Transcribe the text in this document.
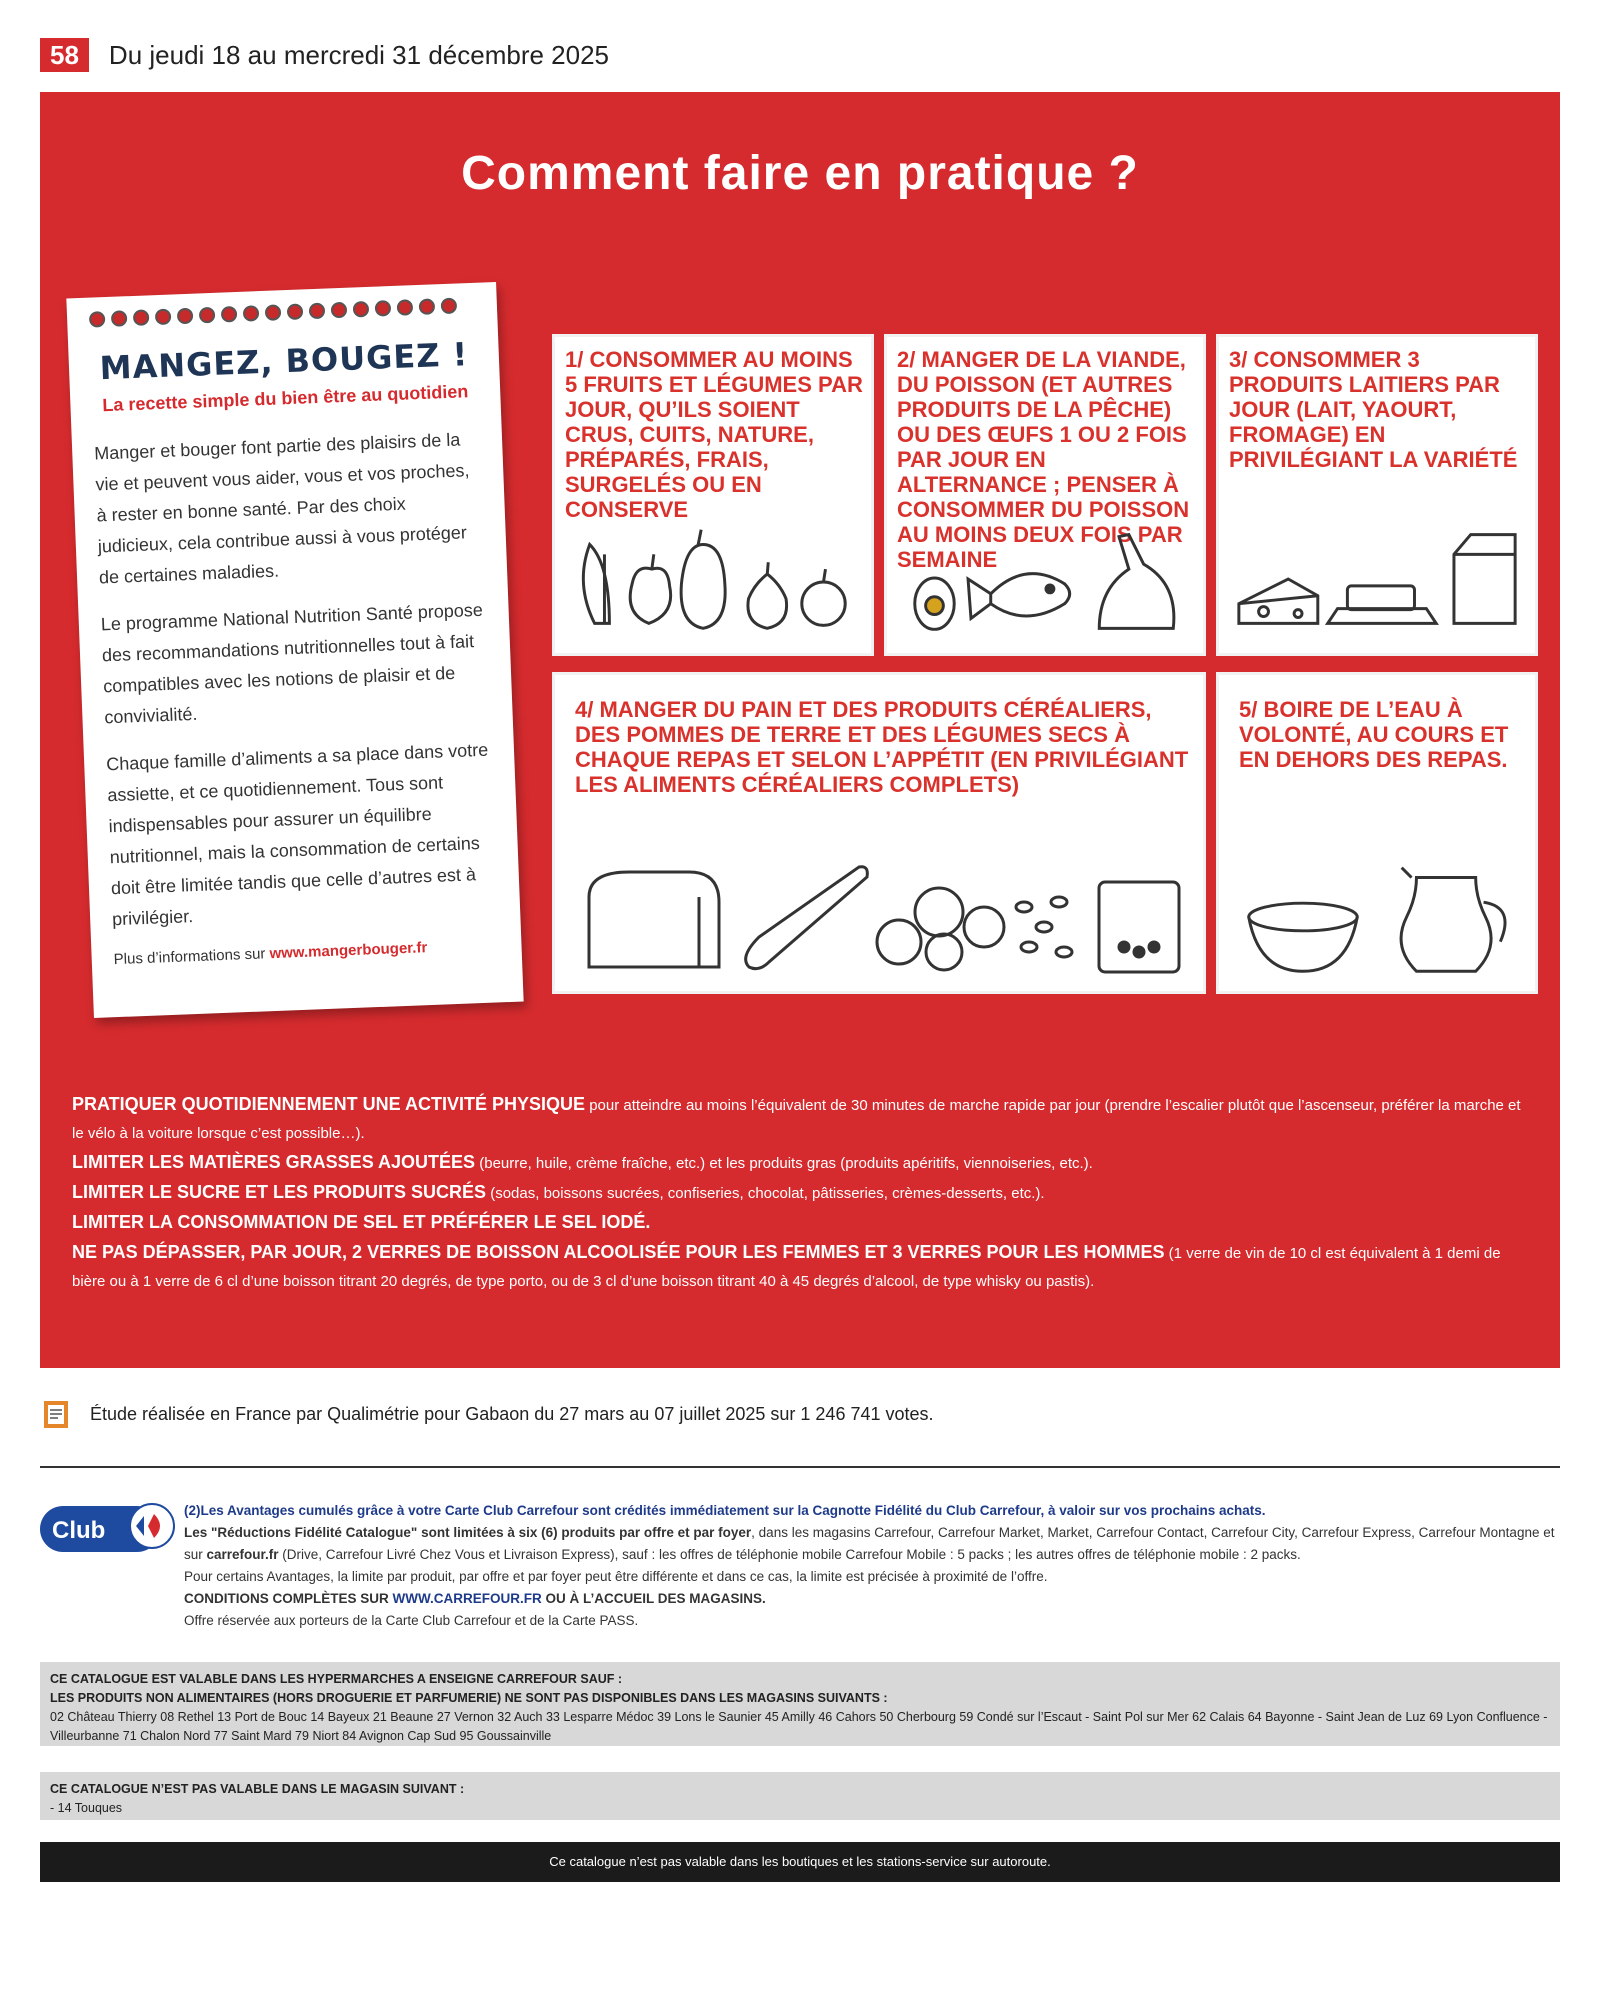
58	Du jeudi 18 au mercredi 31 décembre 2025
Comment faire en pratique ?
MANGEZ, BOUGEZ !
La recette simple du bien être au quotidien

Manger et bouger font partie des plaisirs de la vie et peuvent vous aider, vous et vos proches, à rester en bonne santé. Par des choix judicieux, cela contribue aussi à vous protéger de certaines maladies.

Le programme National Nutrition Santé propose des recommandations nutritionnelles tout à fait compatibles avec les notions de plaisir et de convivialité.

Chaque famille d’aliments a sa place dans votre assiette, et ce quotidiennement. Tous sont indispensables pour assurer un équilibre nutritionnel, mais la consommation de certains doit être limitée tandis que celle d’autres est à privilégier.

Plus d’informations sur www.mangerbouger.fr
1/ CONSOMMER AU MOINS 5 FRUITS ET LÉGUMES PAR JOUR, QU’ILS SOIENT CRUS, CUITS, NATURE, PRÉPARÉS, FRAIS, SURGELÉS OU EN CONSERVE
2/ MANGER DE LA VIANDE, DU POISSON (ET AUTRES PRODUITS DE LA PÊCHE) OU DES ŒUFS 1 OU 2 FOIS PAR JOUR EN ALTERNANCE ; PENSER À CONSOMMER DU POISSON AU MOINS DEUX FOIS PAR SEMAINE
3/ CONSOMMER 3 PRODUITS LAITIERS PAR JOUR (LAIT, YAOURT, FROMAGE) EN PRIVILÉGIANT LA VARIÉTÉ
4/ MANGER DU PAIN ET DES PRODUITS CÉRÉALIERS, DES POMMES DE TERRE ET DES LÉGUMES SECS À CHAQUE REPAS ET SELON L’APPÉTIT (EN PRIVILÉGIANT LES ALIMENTS CÉRÉALIERS COMPLETS)
5/ BOIRE DE L’EAU À VOLONTÉ, AU COURS ET EN DEHORS DES REPAS.

PRATIQUER QUOTIDIENNEMENT UNE ACTIVITÉ PHYSIQUE pour atteindre au moins l’équivalent de 30 minutes de marche rapide par jour (prendre l’escalier plutôt que l’ascenseur, préférer la marche et le vélo à la voiture lorsque c’est possible…).

LIMITER LES MATIÈRES GRASSES AJOUTÉES (beurre, huile, crème fraîche, etc.) et les produits gras (produits apéritifs, viennoiseries, etc.).

LIMITER LE SUCRE ET LES PRODUITS SUCRÉS (sodas, boissons sucrées, confiseries, chocolat, pâtisseries, crèmes-desserts, etc.).

LIMITER LA CONSOMMATION DE SEL ET PRÉFÉRER LE SEL IODÉ.

NE PAS DÉPASSER, PAR JOUR, 2 VERRES DE BOISSON ALCOOLISÉE POUR LES FEMMES ET 3 VERRES POUR LES HOMMES (1 verre de vin de 10 cl est équivalent à 1 demi de bière ou à 1 verre de 6 cl d’une boisson titrant 20 degrés, de type porto, ou de 3 cl d’une boisson titrant 40 à 45 degrés d’alcool, de type whisky ou pastis).

Étude réalisée en France par Qualimétrie pour Gabaon du 27 mars au 07 juillet 2025 sur 1 246 741 votes.
Club
(2)Les Avantages cumulés grâce à votre Carte Club Carrefour sont crédités immédiatement sur la Cagnotte Fidélité du Club Carrefour, à valoir sur vos prochains achats.
Les "Réductions Fidélité Catalogue" sont limitées à six (6) produits par offre et par foyer, dans les magasins Carrefour, Carrefour Market, Market, Carrefour Contact, Carrefour City, Carrefour Express, Carrefour Montagne et sur carrefour.fr (Drive, Carrefour Livré Chez Vous et Livraison Express), sauf : les offres de téléphonie mobile Carrefour Mobile : 5 packs ; les autres offres de téléphonie mobile : 2 packs.
Pour certains Avantages, la limite par produit, par offre et par foyer peut être différente et dans ce cas, la limite est précisée à proximité de l’offre.
CONDITIONS COMPLÈTES SUR WWW.CARREFOUR.FR OU À L’ACCUEIL DES MAGASINS.
Offre réservée aux porteurs de la Carte Club Carrefour et de la Carte PASS.
CE CATALOGUE EST VALABLE DANS LES HYPERMARCHES A ENSEIGNE CARREFOUR SAUF :
LES PRODUITS NON ALIMENTAIRES (HORS DROGUERIE ET PARFUMERIE) NE SONT PAS DISPONIBLES DANS LES MAGASINS SUIVANTS :
02 Château Thierry 08 Rethel 13 Port de Bouc 14 Bayeux 21 Beaune 27 Vernon 32 Auch 33 Lesparre Médoc 39 Lons le Saunier 45 Amilly 46 Cahors 50 Cherbourg 59 Condé sur l’Escaut - Saint Pol sur Mer 62 Calais 64 Bayonne - Saint Jean de Luz 69 Lyon Confluence - Villeurbanne 71 Chalon Nord 77 Saint Mard 79 Niort 84 Avignon Cap Sud 95 Goussainville
CE CATALOGUE N’EST PAS VALABLE DANS LE MAGASIN SUIVANT :
- 14 Touques
Ce catalogue n’est pas valable dans les boutiques et les stations-service sur autoroute.
